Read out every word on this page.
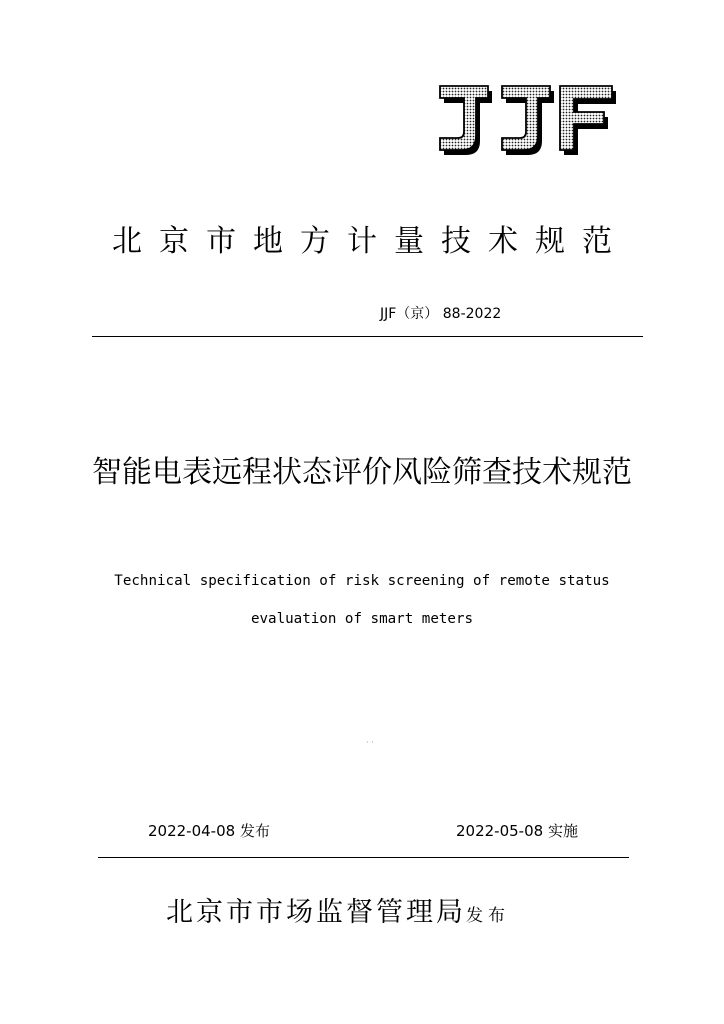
北京市地方计量技术规范
JJF（京） 88-2022
智能电表远程状态评价风险筛查技术规范
Technical specification of risk screening of remote status
evaluation of smart meters
· ·
2022-04-08 发布	2022-05-08 实施
北京市市场监督管理局发布
